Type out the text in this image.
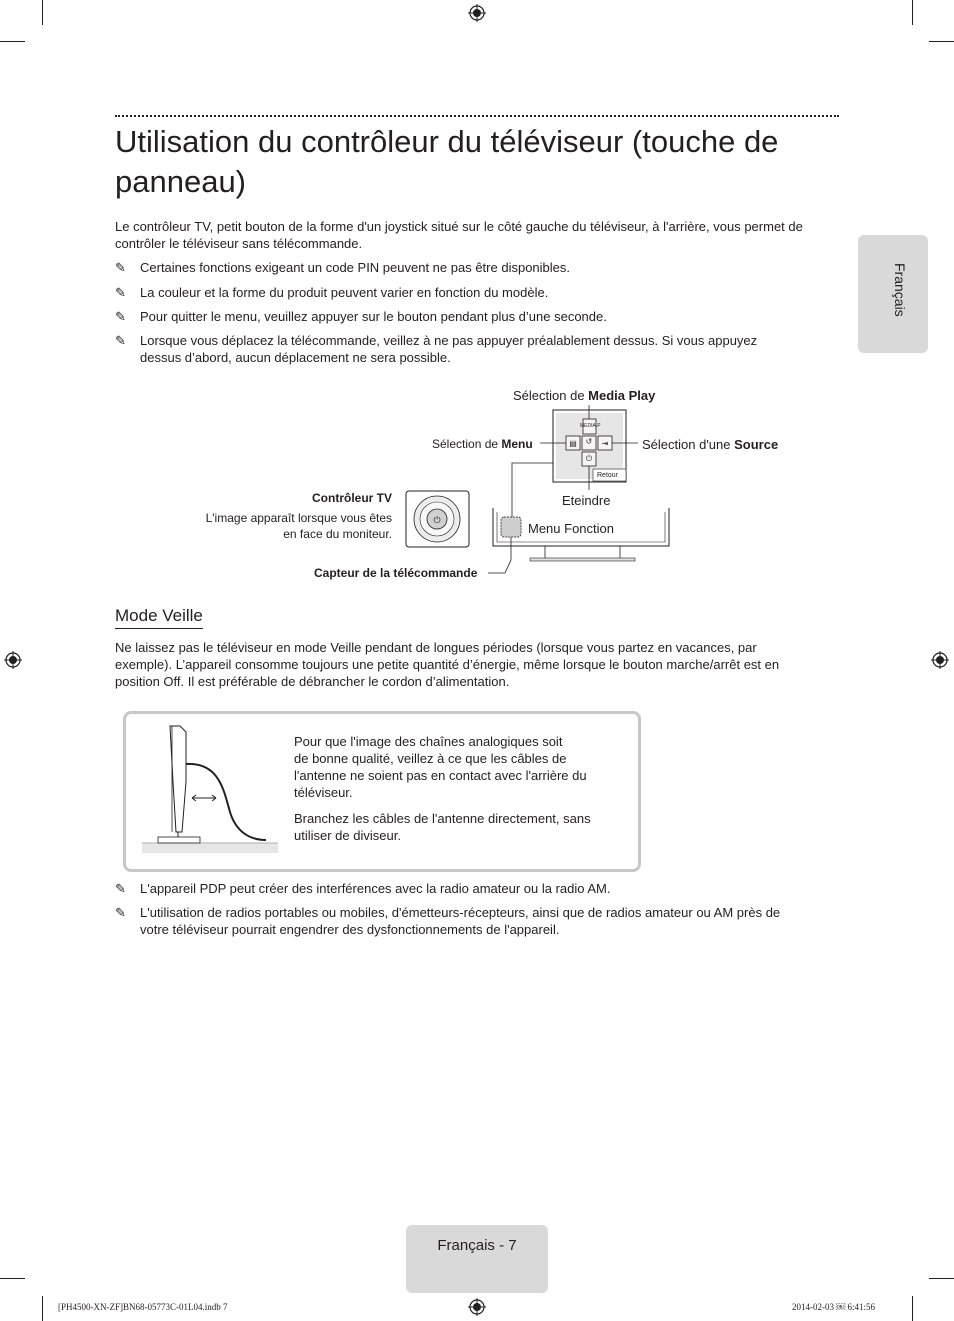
Français
Utilisation du contrôleur du téléviseur (touche de panneau)
Le contrôleur TV, petit bouton de la forme d'un joystick situé sur le côté gauche du téléviseur, à l'arrière, vous permet de
contrôler le téléviseur sans télécommande.
✎	Certaines fonctions exigeant un code PIN peuvent ne pas être disponibles.
✎	La couleur et la forme du produit peuvent varier en fonction du modèle.
✎	Pour quitter le menu, veuillez appuyer sur le bouton pendant plus d’une seconde.
✎	Lorsque vous déplacez la télécommande, veillez à ne pas appuyer préalablement dessus. Si vous appuyez
dessus d’abord, aucun déplacement ne sera possible.
↺
⏻
▤	⇥
⏻
Sélection de Media Play
Sélection de Menu	Sélection d'une Source
MEDIA.P
Retour
Eteindre
Menu Fonction
Contrôleur TV
L'image apparaît lorsque vous êtes
en face du moniteur.
Capteur de la télécommande
Mode Veille
Ne laissez pas le téléviseur en mode Veille pendant de longues périodes (lorsque vous partez en vacances, par
exemple). L’appareil consomme toujours une petite quantité d’énergie, même lorsque le bouton marche/arrêt est en
position Off. Il est préférable de débrancher le cordon d’alimentation.
Pour que l'image des chaînes analogiques soit
de bonne qualité, veillez à ce que les câbles de
l'antenne ne soient pas en contact avec l'arrière du
téléviseur.
Branchez les câbles de l'antenne directement, sans
utiliser de diviseur.
✎	L'appareil PDP peut créer des interférences avec la radio amateur ou la radio AM.
✎	L'utilisation de radios portables ou mobiles, d'émetteurs-récepteurs, ainsi que de radios amateur ou AM près de
votre téléviseur pourrait engendrer des dysfonctionnements de l'appareil.
Français - 7
[PH4500-XN-ZF]BN68-05773C-01L04.indb 7	2014-02-03 ￼ 6:41:56
